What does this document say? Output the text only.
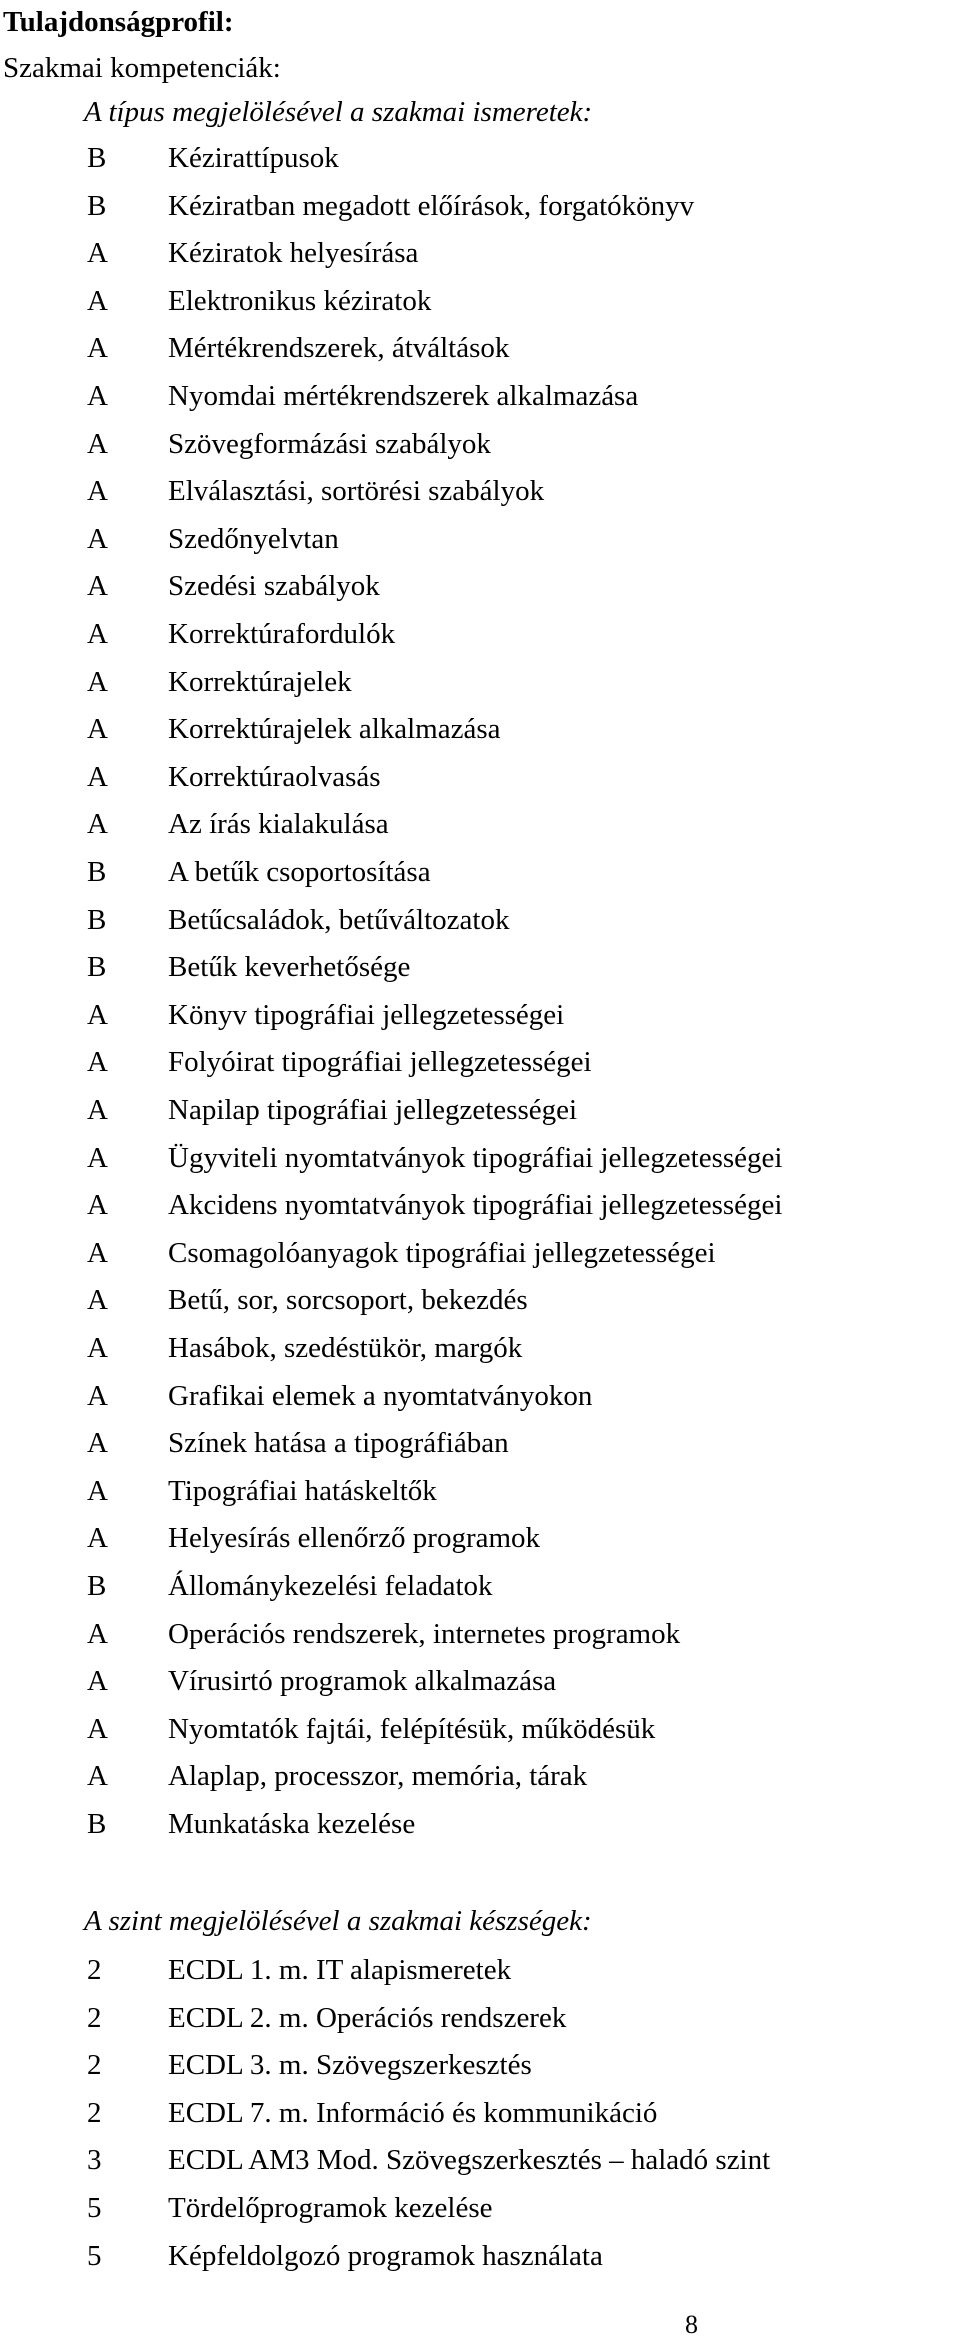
Tulajdonságprofil:
Szakmai kompetenciák:
A típus megjelölésével a szakmai ismeretek:
B Kézirattípusok
B Kéziratban megadott előírások, forgatókönyv
A Kéziratok helyesírása
A Elektronikus kéziratok
A Mértékrendszerek, átváltások
A Nyomdai mértékrendszerek alkalmazása
A Szövegformázási szabályok
A Elválasztási, sortörési szabályok
A Szedőnyelvtan
A Szedési szabályok
A Korrektúrafordulók
A Korrektúrajelek
A Korrektúrajelek alkalmazása
A Korrektúraolvasás
A Az írás kialakulása
B A betűk csoportosítása
B Betűcsaládok, betűváltozatok
B Betűk keverhetősége
A Könyv tipográfiai jellegzetességei
A Folyóirat tipográfiai jellegzetességei
A Napilap tipográfiai jellegzetességei
A Ügyviteli nyomtatványok tipográfiai jellegzetességei
A Akcidens nyomtatványok tipográfiai jellegzetességei
A Csomagolóanyagok tipográfiai jellegzetességei
A Betű, sor, sorcsoport, bekezdés
A Hasábok, szedéstükör, margók
A Grafikai elemek a nyomtatványokon
A Színek hatása a tipográfiában
A Tipográfiai hatáskeltők
A Helyesírás ellenőrző programok
B Állománykezelési feladatok
A Operációs rendszerek, internetes programok
A Vírusirtó programok alkalmazása
A Nyomtatók fajtái, felépítésük, működésük
A Alaplap, processzor, memória, tárak
B Munkatáska kezelése
A szint megjelölésével a szakmai készségek:
2 ECDL 1. m. IT alapismeretek
2 ECDL 2. m. Operációs rendszerek
2 ECDL 3. m. Szövegszerkesztés
2 ECDL 7. m. Információ és kommunikáció
3 ECDL AM3 Mod. Szövegszerkesztés – haladó szint
5 Tördelőprogramok kezelése
5 Képfeldolgozó programok használata
8
